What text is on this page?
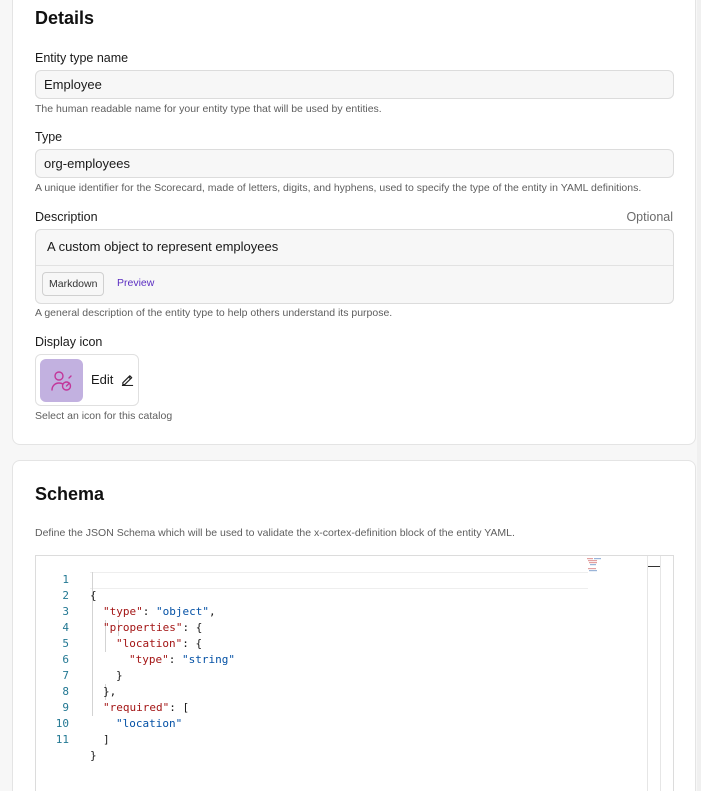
Details
Entity type name
Employee
The human readable name for your entity type that will be used by entities.
Type
org-employees
A unique identifier for the Scorecard, made of letters, digits, and hyphens, used to specify the type of the entity in YAML definitions.
Description	Optional
A custom object to represent employees
Markdown	Preview
A general description of the entity type to help others understand its purpose.
Display icon
Edit
Select an icon for this catalog
Schema
Define the JSON Schema which will be used to validate the x-cortex-definition block of the entity YAML.

1

{

2

"type": "object",

3

"properties": {

4

"location": {

5

"type": "string"

6

}

7

},

8

"required": [

9

"location"

10

]

11

}
